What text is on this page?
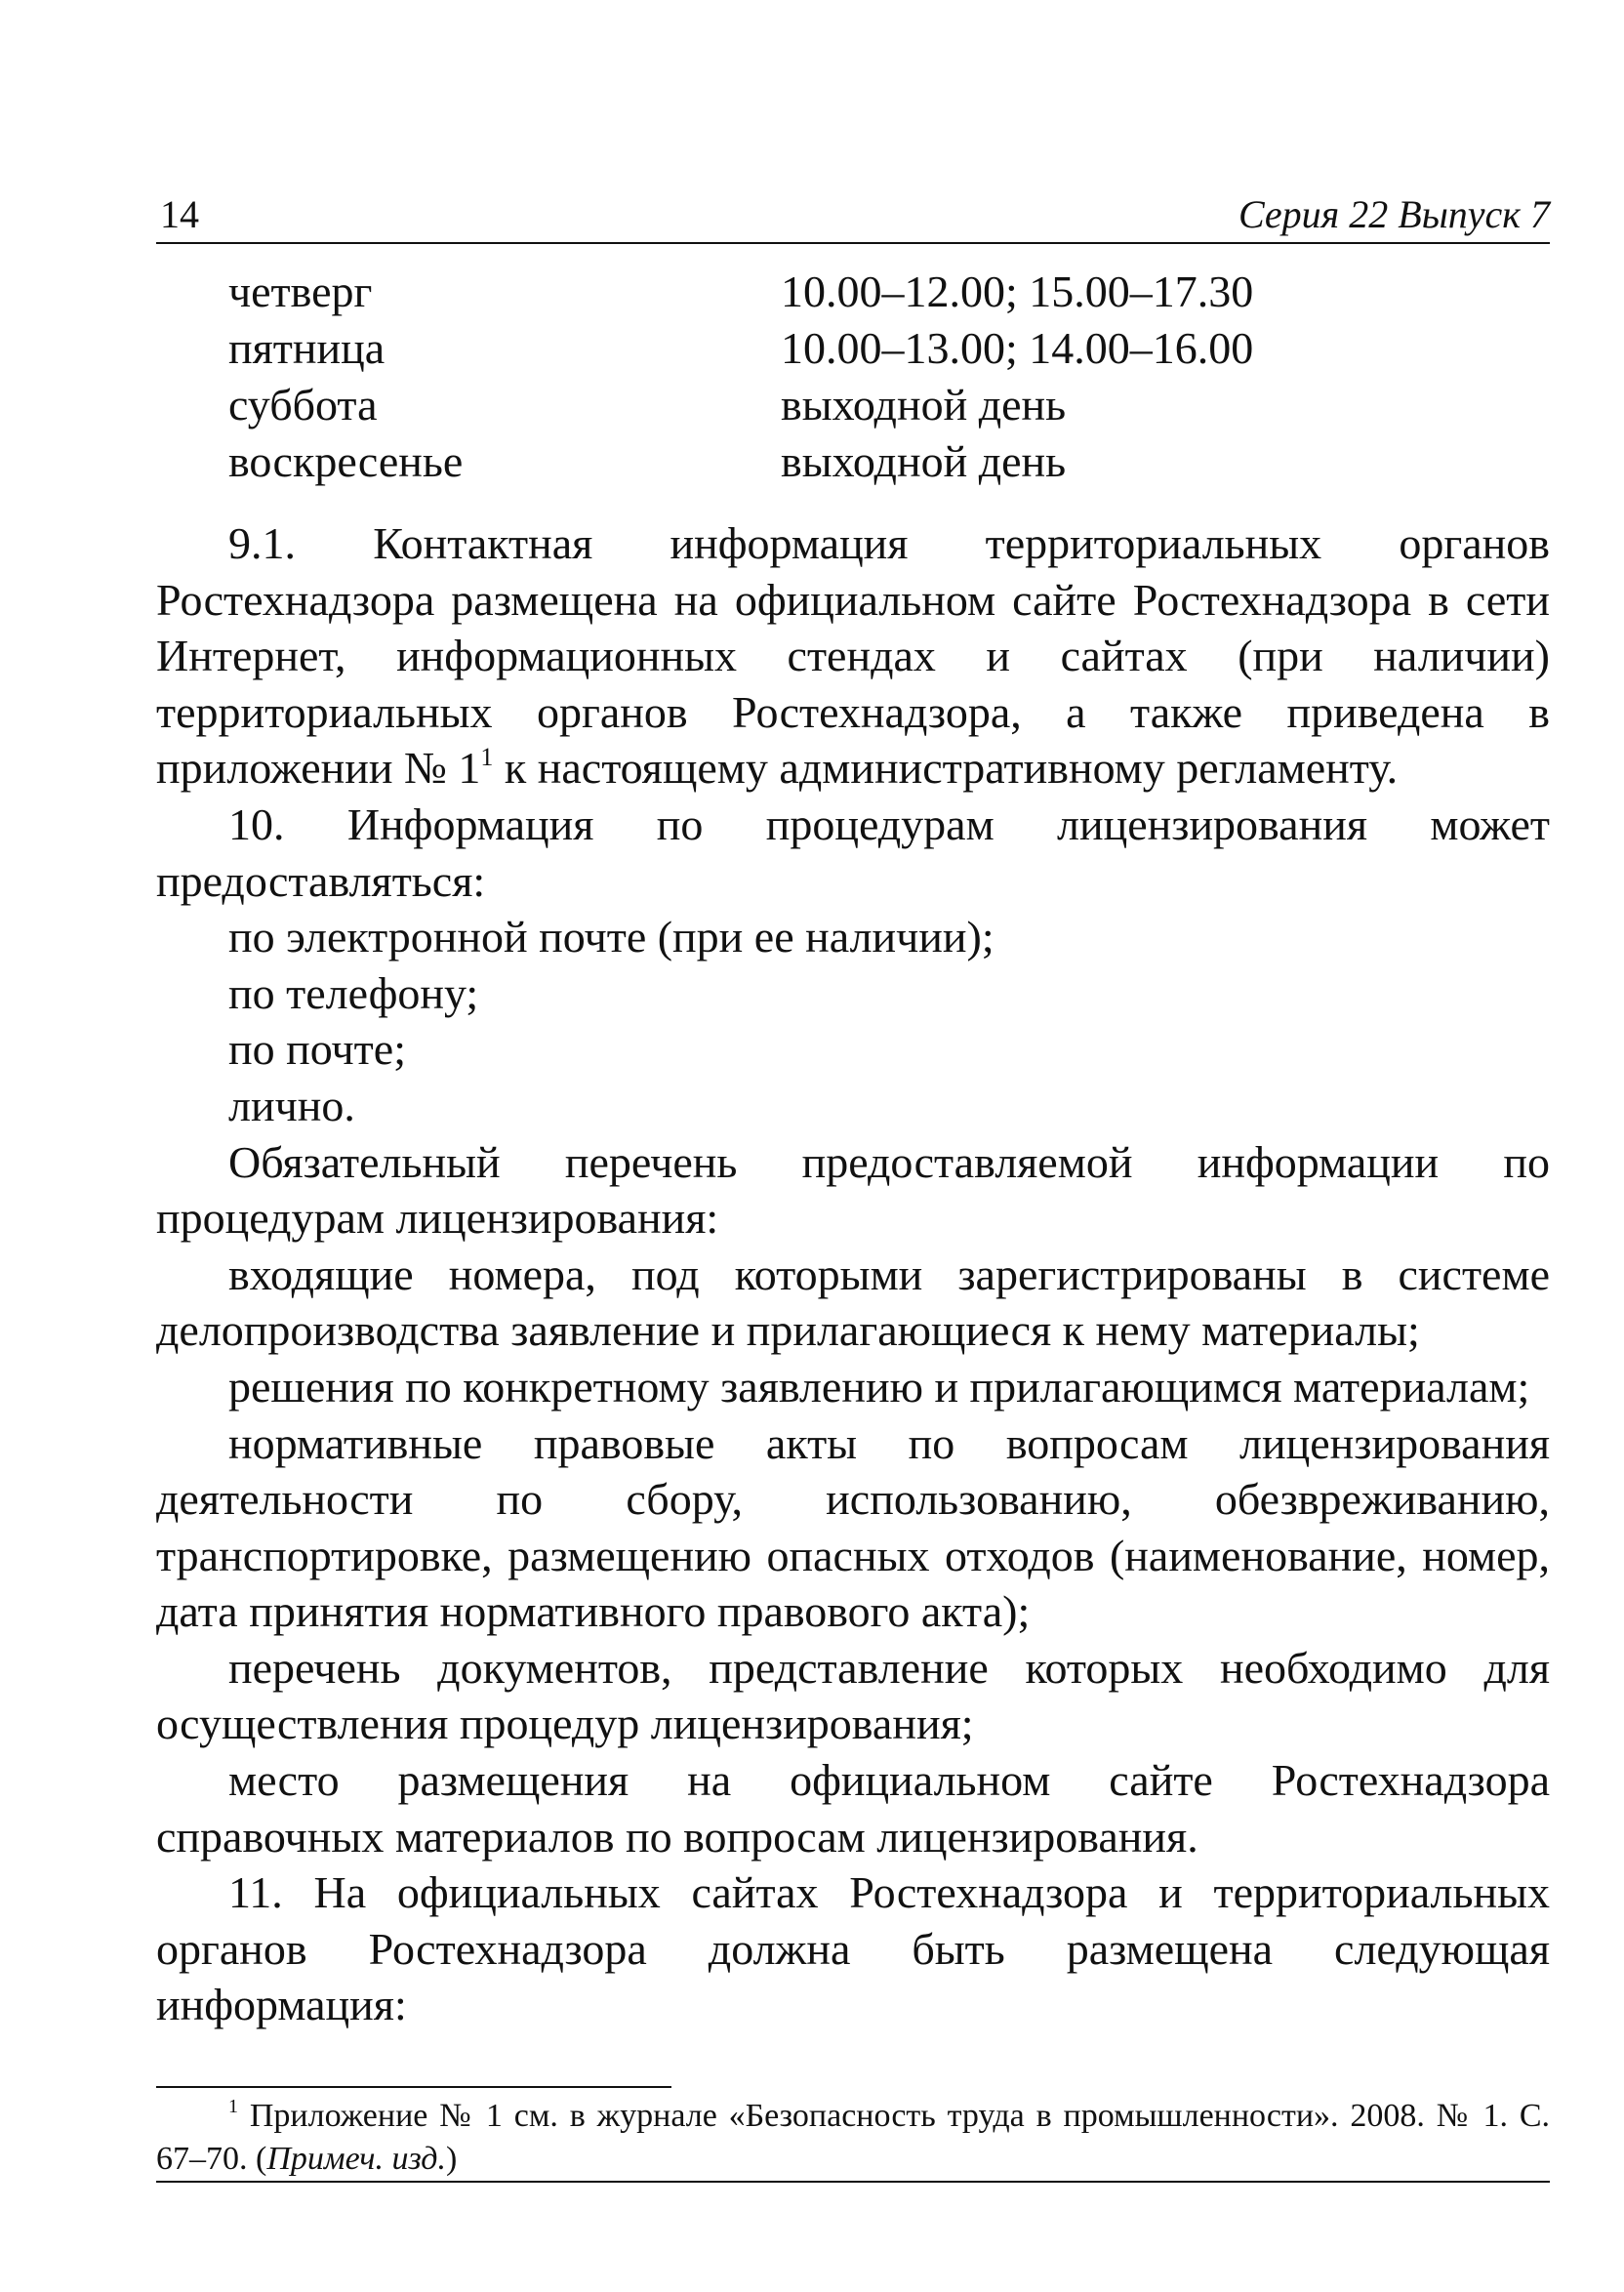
14	Серия 22 Выпуск 7
четверг	10.00–12.00; 15.00–17.30
пятница	10.00–13.00; 14.00–16.00
суббота	выходной день
воскресенье	выходной день

9.1. Контактная информация территориальных органов Ростехнадзора размещена на официальном сайте Ростехнадзора в сети Интернет, информационных стендах и сайтах (при наличии) территориальных органов Ростехнадзора, а также приведена в приложении № 1$^1$ к настоящему административному регламенту.

10. Информация по процедурам лицензирования может предоставляться:

по электронной почте (при ее наличии);

по телефону;

по почте;

лично.

Обязательный перечень предоставляемой информации по процедурам лицензирования:

входящие номера, под которыми зарегистрированы в системе делопроизводства заявление и прилагающиеся к нему материалы;

решения по конкретному заявлению и прилагающимся материалам;

нормативные правовые акты по вопросам лицензирования деятельности по сбору, использованию, обезвреживанию, транспортировке, размещению опасных отходов (наименование, номер, дата принятия нормативного правового акта);

перечень документов, представление которых необходимо для осуществления процедур лицензирования;

место размещения на официальном сайте Ростехнадзора справочных материалов по вопросам лицензирования.

11. На официальных сайтах Ростехнадзора и территориальных органов Ростехнадзора должна быть размещена следующая информация:

$^1$ Приложение № 1 см. в журнале «Безопасность труда в промышленности». 2008. № 1. С. 67–70. (Примеч. изд.)
